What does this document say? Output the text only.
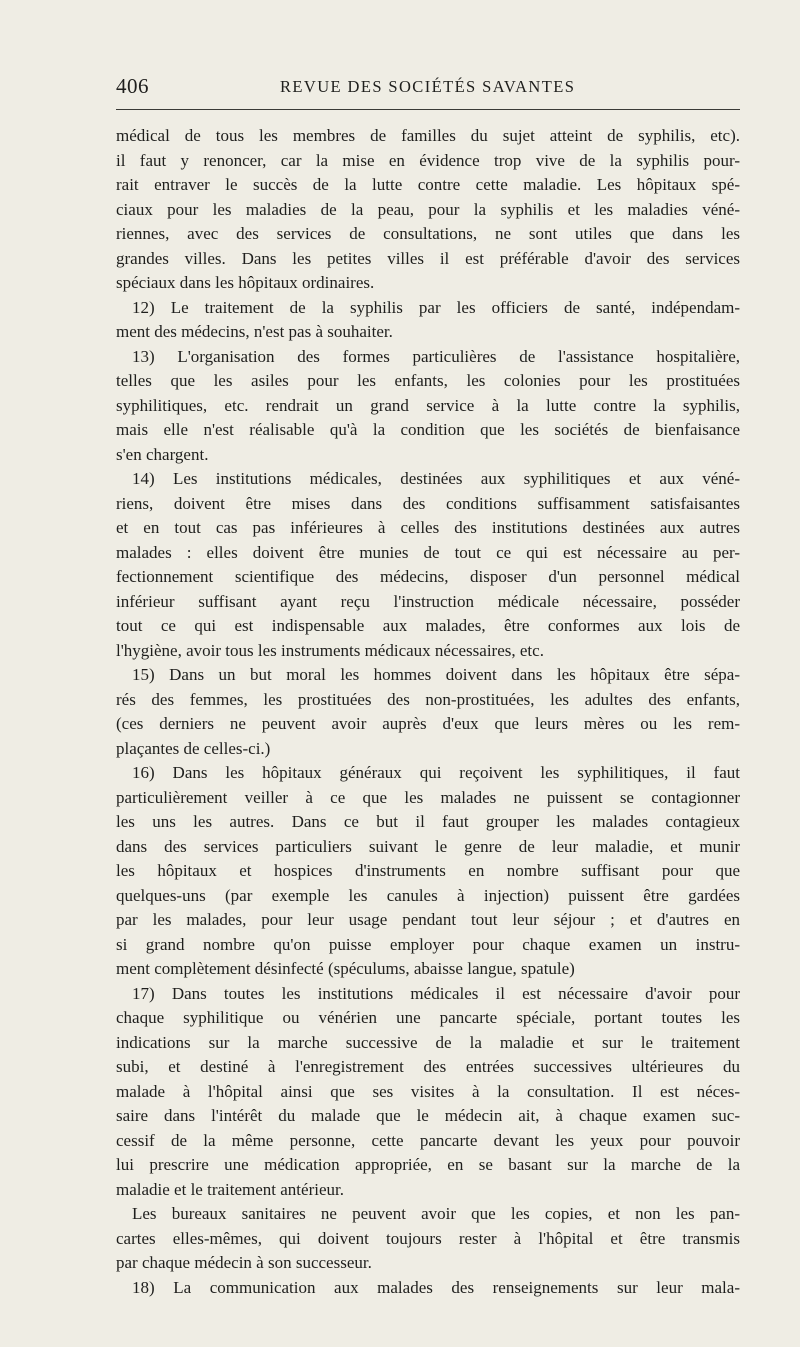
406	REVUE DES SOCIÉTÉS SAVANTES
médical de tous les membres de familles du sujet atteint de syphilis, etc).
il faut y renoncer, car la mise en évidence trop vive de la syphilis pour-
rait entraver le succès de la lutte contre cette maladie. Les hôpitaux spé-
ciaux pour les maladies de la peau, pour la syphilis et les maladies véné-
riennes, avec des services de consultations, ne sont utiles que dans les
grandes villes. Dans les petites villes il est préférable d'avoir des services
spéciaux dans les hôpitaux ordinaires.
12) Le traitement de la syphilis par les officiers de santé, indépendam-
ment des médecins, n'est pas à souhaiter.
13) L'organisation des formes particulières de l'assistance hospitalière,
telles que les asiles pour les enfants, les colonies pour les prostituées
syphilitiques, etc. rendrait un grand service à la lutte contre la syphilis,
mais elle n'est réalisable qu'à la condition que les sociétés de bienfaisance
s'en chargent.
14) Les institutions médicales, destinées aux syphilitiques et aux véné-
riens, doivent être mises dans des conditions suffisamment satisfaisantes
et en tout cas pas inférieures à celles des institutions destinées aux autres
malades : elles doivent être munies de tout ce qui est nécessaire au per-
fectionnement scientifique des médecins, disposer d'un personnel médical
inférieur suffisant ayant reçu l'instruction médicale nécessaire, posséder
tout ce qui est indispensable aux malades, être conformes aux lois de
l'hygiène, avoir tous les instruments médicaux nécessaires, etc.
15) Dans un but moral les hommes doivent dans les hôpitaux être sépa-
rés des femmes, les prostituées des non-prostituées, les adultes des enfants,
(ces derniers ne peuvent avoir auprès d'eux que leurs mères ou les rem-
plaçantes de celles-ci.)
16) Dans les hôpitaux généraux qui reçoivent les syphilitiques, il faut
particulièrement veiller à ce que les malades ne puissent se contagionner
les uns les autres. Dans ce but il faut grouper les malades contagieux
dans des services particuliers suivant le genre de leur maladie, et munir
les hôpitaux et hospices d'instruments en nombre suffisant pour que
quelques-uns (par exemple les canules à injection) puissent être gardées
par les malades, pour leur usage pendant tout leur séjour ; et d'autres en
si grand nombre qu'on puisse employer pour chaque examen un instru-
ment complètement désinfecté (spéculums, abaisse langue, spatule)
17) Dans toutes les institutions médicales il est nécessaire d'avoir pour
chaque syphilitique ou vénérien une pancarte spéciale, portant toutes les
indications sur la marche successive de la maladie et sur le traitement
subi, et destiné à l'enregistrement des entrées successives ultérieures du
malade à l'hôpital ainsi que ses visites à la consultation. Il est néces-
saire dans l'intérêt du malade que le médecin ait, à chaque examen suc-
cessif de la même personne, cette pancarte devant les yeux pour pouvoir
lui prescrire une médication appropriée, en se basant sur la marche de la
maladie et le traitement antérieur.
Les bureaux sanitaires ne peuvent avoir que les copies, et non les pan-
cartes elles-mêmes, qui doivent toujours rester à l'hôpital et être transmis
par chaque médecin à son successeur.
18) La communication aux malades des renseignements sur leur mala-
